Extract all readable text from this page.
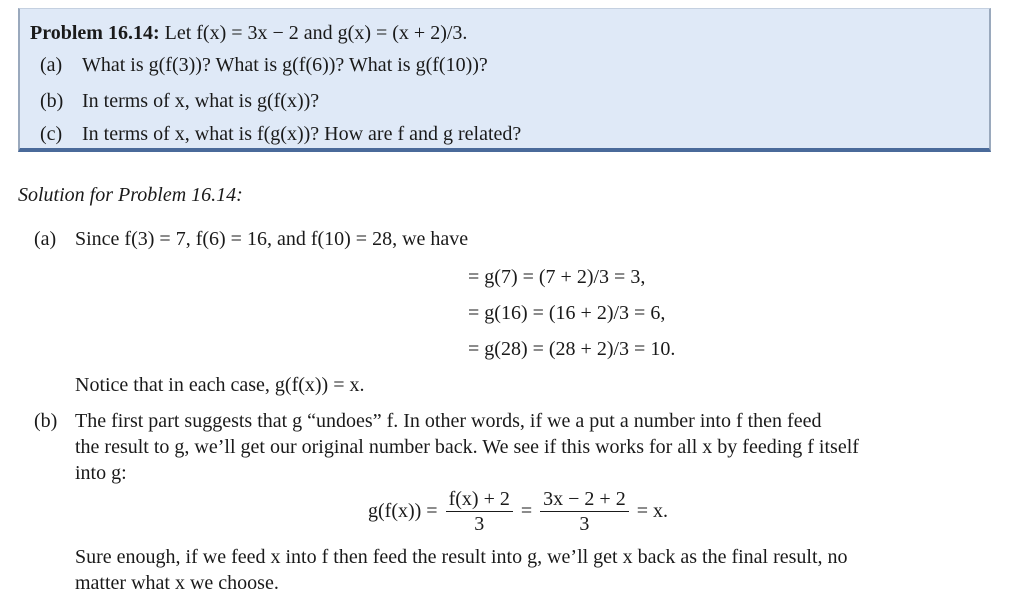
Problem 16.14: Let f(x) = 3x − 2 and g(x) = (x + 2)/3.
(a) What is g(f(3))? What is g(f(6))? What is g(f(10))?
(b) In terms of x, what is g(f(x))?
(c) In terms of x, what is f(g(x))? How are f and g related?
Solution for Problem 16.14:
(a) Since f(3) = 7, f(6) = 16, and f(10) = 28, we have
= g(7) = (7 + 2)/3 = 3,
= g(16) = (16 + 2)/3 = 6,
= g(28) = (28 + 2)/3 = 10.
Notice that in each case, g(f(x)) = x.
(b) The first part suggests that g “undoes” f. In other words, if we a put a number into f then feed
the result to g, we’ll get our original number back. We see if this works for all x by feeding f itself
into g:
$g(f(x)) = \frac{f(x) + 2}{3} = \frac{3x - 2 + 2}{3} = x$.
Sure enough, if we feed x into f then feed the result into g, we’ll get x back as the final result, no
matter what x we choose.
